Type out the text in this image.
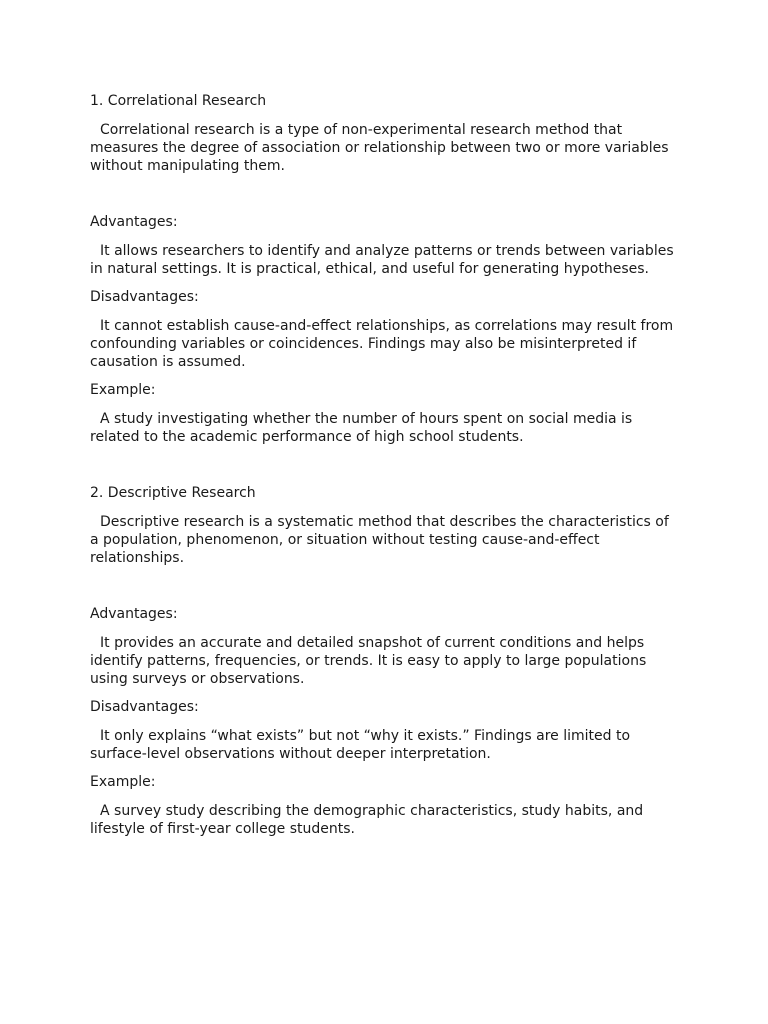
1. Correlational Research

Correlational research is a type of non-experimental research method that measures the degree of association or relationship between two or more variables without manipulating them.

Advantages:

It allows researchers to identify and analyze patterns or trends between variables in natural settings. It is practical, ethical, and useful for generating hypotheses.

Disadvantages:

It cannot establish cause-and-effect relationships, as correlations may result from confounding variables or coincidences. Findings may also be misinterpreted if causation is assumed.

Example:

A study investigating whether the number of hours spent on social media is related to the academic performance of high school students.

2. Descriptive Research

Descriptive research is a systematic method that describes the characteristics of a population, phenomenon, or situation without testing cause-and-effect relationships.

Advantages:

It provides an accurate and detailed snapshot of current conditions and helps identify patterns, frequencies, or trends. It is easy to apply to large populations using surveys or observations.

Disadvantages:

It only explains “what exists” but not “why it exists.” Findings are limited to surface-level observations without deeper interpretation.

Example:

A survey study describing the demographic characteristics, study habits, and lifestyle of first-year college students.
